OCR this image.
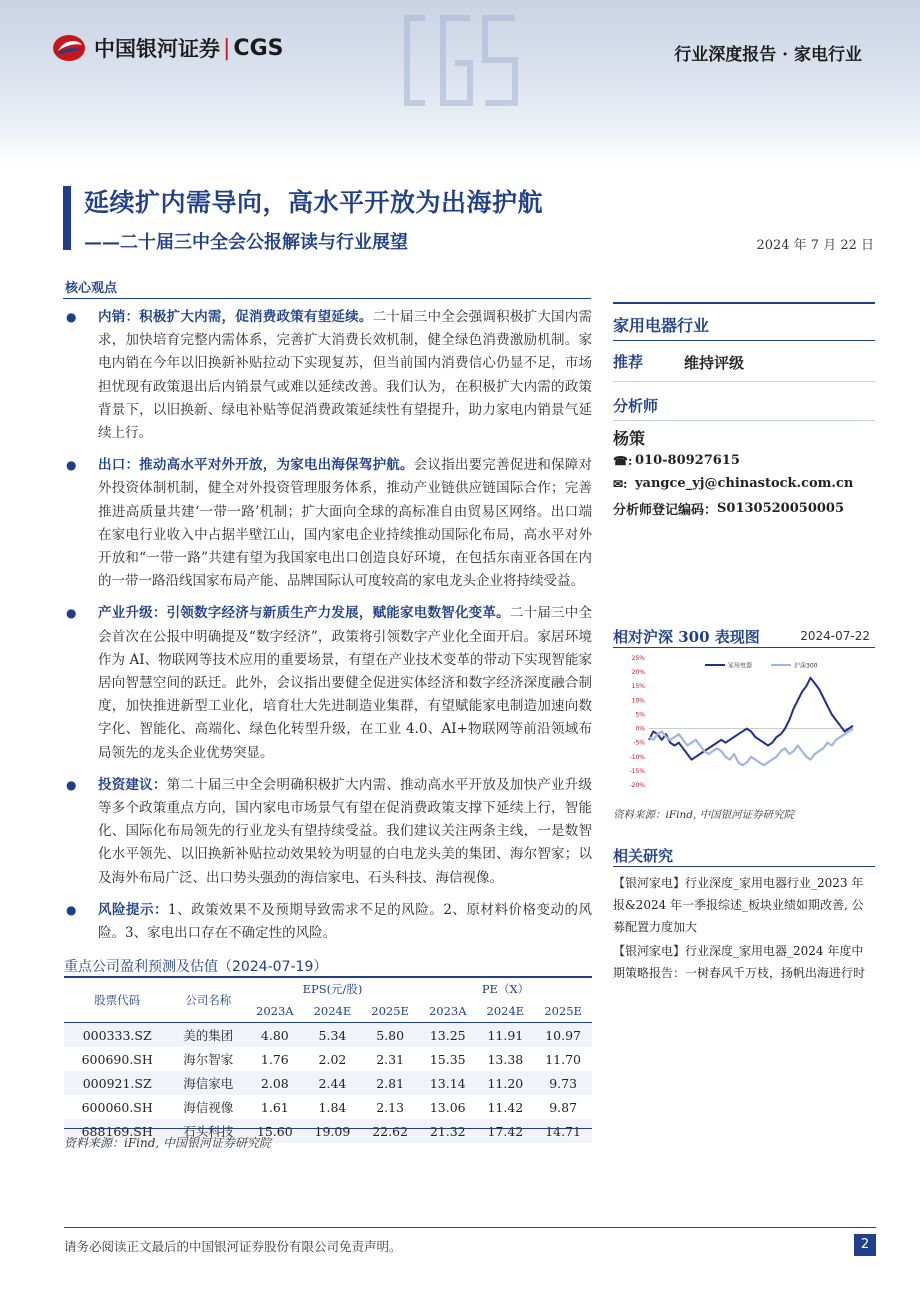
中国银河证券 | CGS	行业深度报告 · 家电行业
延续扩内需导向，高水平开放为出海护航
——二十届三中全会公报解读与行业展望	2024 年 7 月 22 日
核心观点
●	内销：积极扩大内需，促消费政策有望延续。二十届三中全会强调积极扩大国内需求，加快培育完整内需体系，完善扩大消费长效机制，健全绿色消费激励机制。家电内销在今年以旧换新补贴拉动下实现复苏，但当前国内消费信心仍显不足，市场担忧现有政策退出后内销景气或难以延续改善。我们认为，在积极扩大内需的政策背景下，以旧换新、绿电补贴等促消费政策延续性有望提升，助力家电内销景气延续上行。
●	出口：推动高水平对外开放，为家电出海保驾护航。会议指出要完善促进和保障对外投资体制机制，健全对外投资管理服务体系，推动产业链供应链国际合作；完善推进高质量共建‘一带一路’机制；扩大面向全球的高标准自由贸易区网络。出口端在家电行业收入中占据半壁江山，国内家电企业持续推动国际化布局，高水平对外开放和“一带一路”共建有望为我国家电出口创造良好环境，在包括东南亚各国在内的一带一路沿线国家布局产能、品牌国际认可度较高的家电龙头企业将持续受益。
●	产业升级：引领数字经济与新质生产力发展，赋能家电数智化变革。二十届三中全会首次在公报中明确提及“数字经济”，政策将引领数字产业化全面开启。家居环境作为 AI、物联网等技术应用的重要场景，有望在产业技术变革的带动下实现智能家居向智慧空间的跃迁。此外，会议指出要健全促进实体经济和数字经济深度融合制度，加快推进新型工业化，培育壮大先进制造业集群，有望赋能家电制造加速向数字化、智能化、高端化、绿色化转型升级，在工业 4.0、AI+物联网等前沿领域布局领先的龙头企业优势突显。
●	投资建议：第二十届三中全会明确积极扩大内需、推动高水平开放及加快产业升级等多个政策重点方向，国内家电市场景气有望在促消费政策支撑下延续上行，智能化、国际化布局领先的行业龙头有望持续受益。我们建议关注两条主线，一是数智化水平领先、以旧换新补贴拉动效果较为明显的白电龙头美的集团、海尔智家；以及海外布局广泛、出口势头强劲的海信家电、石头科技、海信视像。
●	风险提示：1、政策效果不及预期导致需求不足的风险。2、原材料价格变动的风险。3、家电出口存在不确定性的风险。
重点公司盈利预测及估值（2024-07-19）
股票代码	公司名称	EPS(元/股)			PE（X）		
		2023A	2024E	2025E	2023A	2024E	2025E
000333.SZ	美的集团	4.80	5.34	5.80	13.25	11.91	10.97
600690.SH	海尔智家	1.76	2.02	2.31	15.35	13.38	11.70
000921.SZ	海信家电	2.08	2.44	2.81	13.14	11.20	9.73
600060.SH	海信视像	1.61	1.84	2.13	13.06	11.42	9.87
688169.SH	石头科技	15.60	19.09	22.62	21.32	17.42	14.71
资料来源：iFind, 中国银河证券研究院
家用电器行业
推荐	维持评级
分析师
杨策
☎: 010-80927615
✉: yangce_yj@chinastock.com.cn
分析师登记编码： S0130520050005
相对沪深 300 表现图	2024-07-22
25%
20%
15%
10%
5%
0%
-5%
-10%
-15%
-20%
家用电器	沪深300
资料来源：iFind, 中国银河证券研究院
相关研究
【银河家电】行业深度_家用电器行业_2023 年报&2024 年一季报综述_板块业绩如期改善, 公募配置力度加大
【银河家电】行业深度_家用电器_2024 年度中期策略报告：一树春风千万枝，扬帆出海进行时
请务必阅读正文最后的中国银河证券股份有限公司免责声明。	2
